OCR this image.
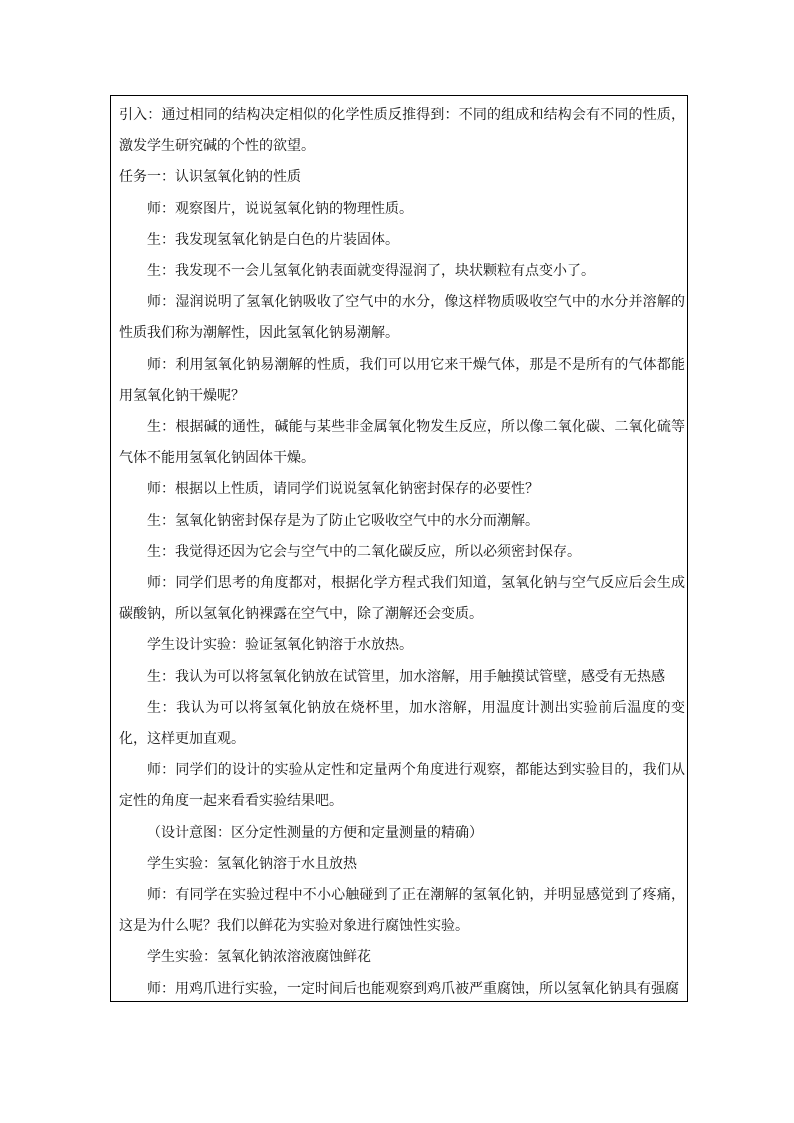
引入：通过相同的结构决定相似的化学性质反推得到：不同的组成和结构会有不同的性质，激发学生研究碱的个性的欲望。

任务一：认识氢氧化钠的性质

师：观察图片，说说氢氧化钠的物理性质。

生：我发现氢氧化钠是白色的片装固体。

生：我发现不一会儿氢氧化钠表面就变得湿润了，块状颗粒有点变小了。

师：湿润说明了氢氧化钠吸收了空气中的水分，像这样物质吸收空气中的水分并溶解的性质我们称为潮解性，因此氢氧化钠易潮解。

师：利用氢氧化钠易潮解的性质，我们可以用它来干燥气体，那是不是所有的气体都能用氢氧化钠干燥呢？

生：根据碱的通性，碱能与某些非金属氧化物发生反应，所以像二氧化碳、二氧化硫等气体不能用氢氧化钠固体干燥。

师：根据以上性质，请同学们说说氢氧化钠密封保存的必要性？

生：氢氧化钠密封保存是为了防止它吸收空气中的水分而潮解。

生：我觉得还因为它会与空气中的二氧化碳反应，所以必须密封保存。

师：同学们思考的角度都对，根据化学方程式我们知道，氢氧化钠与空气反应后会生成碳酸钠，所以氢氧化钠裸露在空气中，除了潮解还会变质。

学生设计实验：验证氢氧化钠溶于水放热。

生：我认为可以将氢氧化钠放在试管里，加水溶解，用手触摸试管壁，感受有无热感

生：我认为可以将氢氧化钠放在烧杯里，加水溶解，用温度计测出实验前后温度的变化，这样更加直观。

师：同学们的设计的实验从定性和定量两个角度进行观察，都能达到实验目的，我们从定性的角度一起来看看实验结果吧。

（设计意图：区分定性测量的方便和定量测量的精确）

学生实验：氢氧化钠溶于水且放热

师：有同学在实验过程中不小心触碰到了正在潮解的氢氧化钠，并明显感觉到了疼痛，这是为什么呢？我们以鲜花为实验对象进行腐蚀性实验。

学生实验：氢氧化钠浓溶液腐蚀鲜花

师：用鸡爪进行实验，一定时间后也能观察到鸡爪被严重腐蚀，所以氢氧化钠具有强腐
